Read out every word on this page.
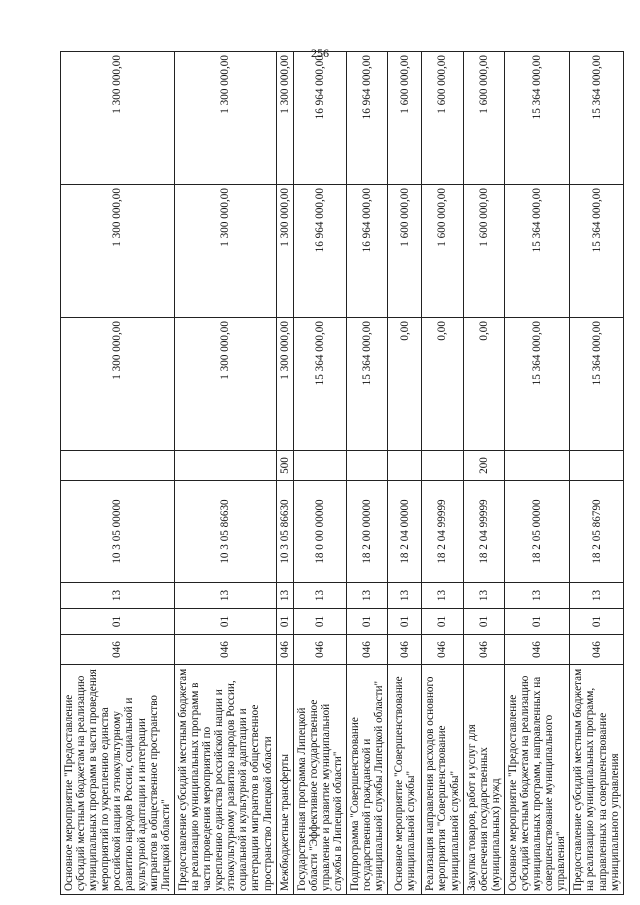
256
Основное мероприятие "Предоставление субсидий местным бюджетам на реализацию муниципальных программ в части проведения мероприятий по укреплению единства российской нации и этнокультурному развитию народов России, социальной и культурной адаптации и интеграции мигрантов в общественное пространство Липецкой области"	046	01	13	10 3 05 00000		1 300 000,00	1 300 000,00	1 300 000,00
Предоставление субсидий местным бюджетам на реализацию муниципальных программ в части проведения мероприятий по укреплению единства российской нации и этнокультурному развитию народов России, социальной и культурной адаптации и интеграции мигрантов в общественное пространство Липецкой области	046	01	13	10 3 05 86630		1 300 000,00	1 300 000,00	1 300 000,00
Межбюджетные трансферты	046	01	13	10 3 05 86630	500	1 300 000,00	1 300 000,00	1 300 000,00
Государственная программа Липецкой области "Эффективное государственное управление и развитие муниципальной службы в Липецкой области"	046	01	13	18 0 00 00000		15 364 000,00	16 964 000,00	16 964 000,00
Подпрограмма "Совершенствование государственной гражданской и муниципальной службы Липецкой области"	046	01	13	18 2 00 00000		15 364 000,00	16 964 000,00	16 964 000,00
Основное мероприятие "Совершенствование муниципальной службы"	046	01	13	18 2 04 00000		0,00	1 600 000,00	1 600 000,00
Реализация направления расходов основного мероприятия "Совершенствование муниципальной службы"	046	01	13	18 2 04 99999		0,00	1 600 000,00	1 600 000,00
Закупка товаров, работ и услуг для обеспечения государственных (муниципальных) нужд	046	01	13	18 2 04 99999	200	0,00	1 600 000,00	1 600 000,00
Основное мероприятие "Предоставление субсидий местным бюджетам на реализацию муниципальных программ, направленных на совершенствование муниципального управления"	046	01	13	18 2 05 00000		15 364 000,00	15 364 000,00	15 364 000,00
Предоставление субсидий местным бюджетам на реализацию муниципальных программ, направленных на совершенствование муниципального управления	046	01	13	18 2 05 86790		15 364 000,00	15 364 000,00	15 364 000,00
